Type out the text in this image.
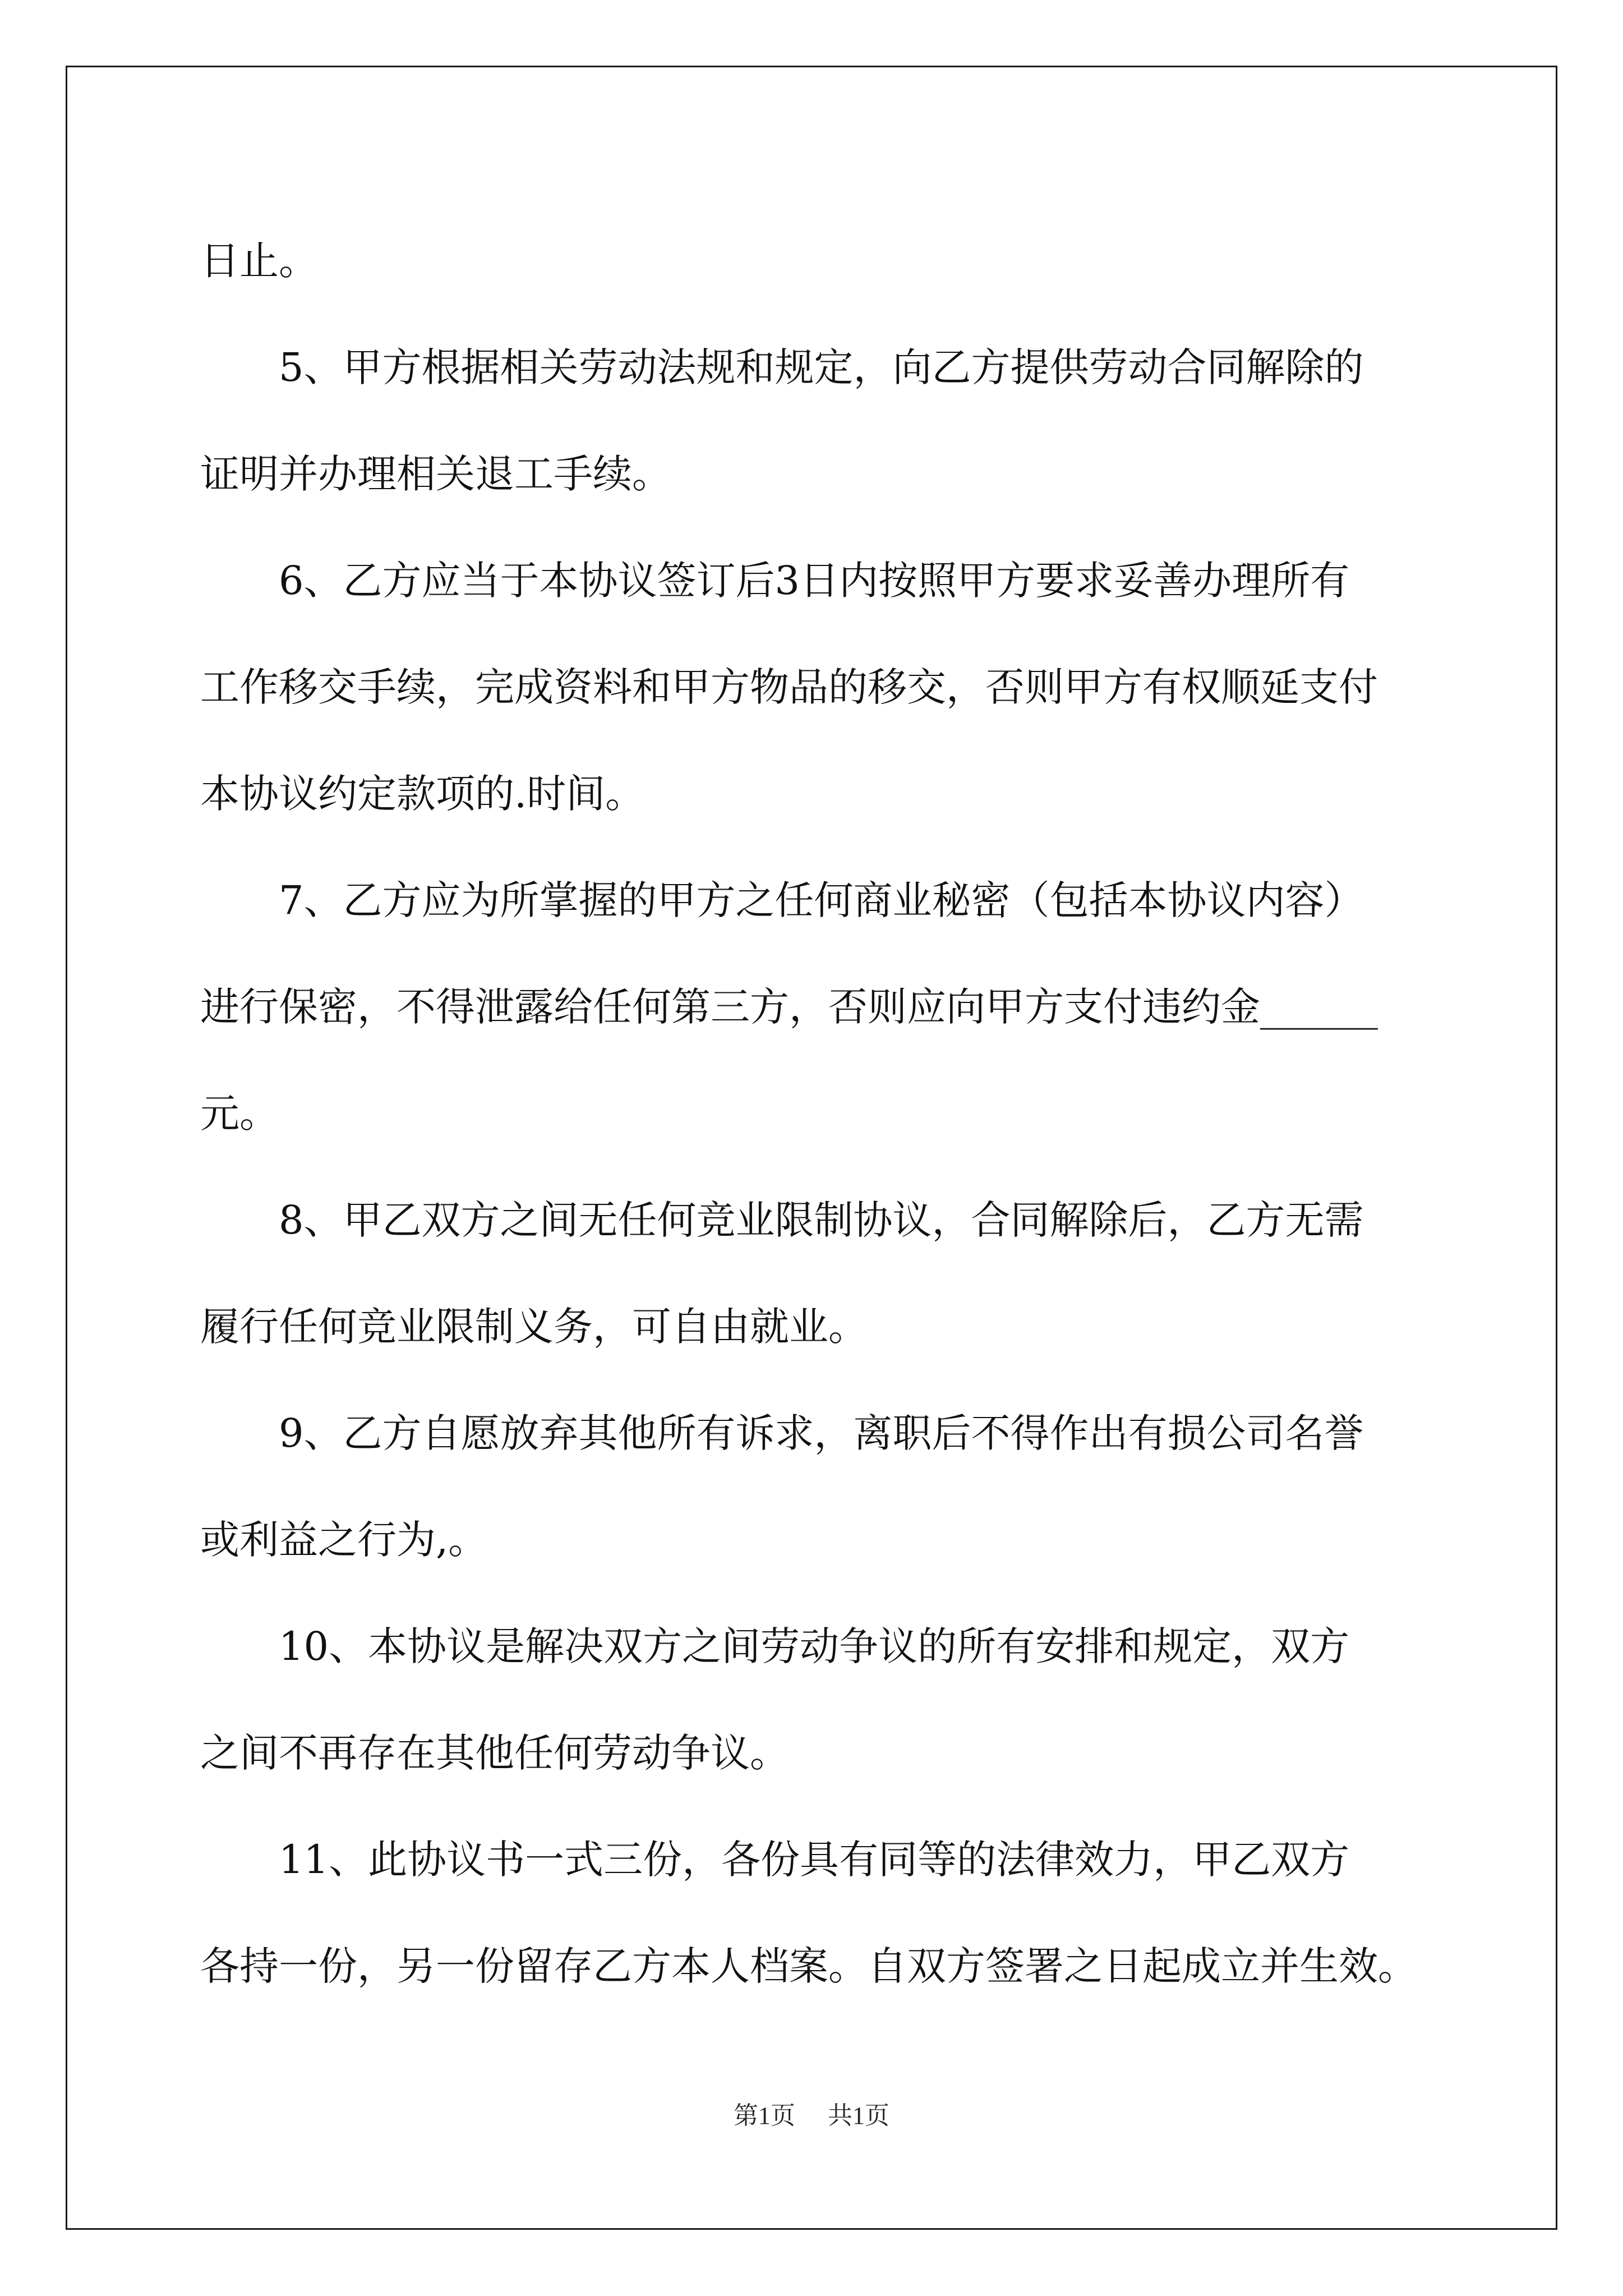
日止。

　　5、甲方根据相关劳动法规和规定，向乙方提供劳动合同解除的

证明并办理相关退工手续。

　　6、乙方应当于本协议签订后3日内按照甲方要求妥善办理所有

工作移交手续，完成资料和甲方物品的移交，否则甲方有权顺延支付

本协议约定款项的.时间。

　　7、乙方应为所掌握的甲方之任何商业秘密（包括本协议内容）

进行保密，不得泄露给任何第三方，否则应向甲方支付违约金______

元。

　　8、甲乙双方之间无任何竞业限制协议，合同解除后，乙方无需

履行任何竞业限制义务，可自由就业。

　　9、乙方自愿放弃其他所有诉求，离职后不得作出有损公司名誉

或利益之行为,。

　　10、本协议是解决双方之间劳动争议的所有安排和规定，双方

之间不再存在其他任何劳动争议。

　　11、此协议书一式三份，各份具有同等的法律效力，甲乙双方

各持一份，另一份留存乙方本人档案。自双方签署之日起成立并生效。

第1页 共1页
